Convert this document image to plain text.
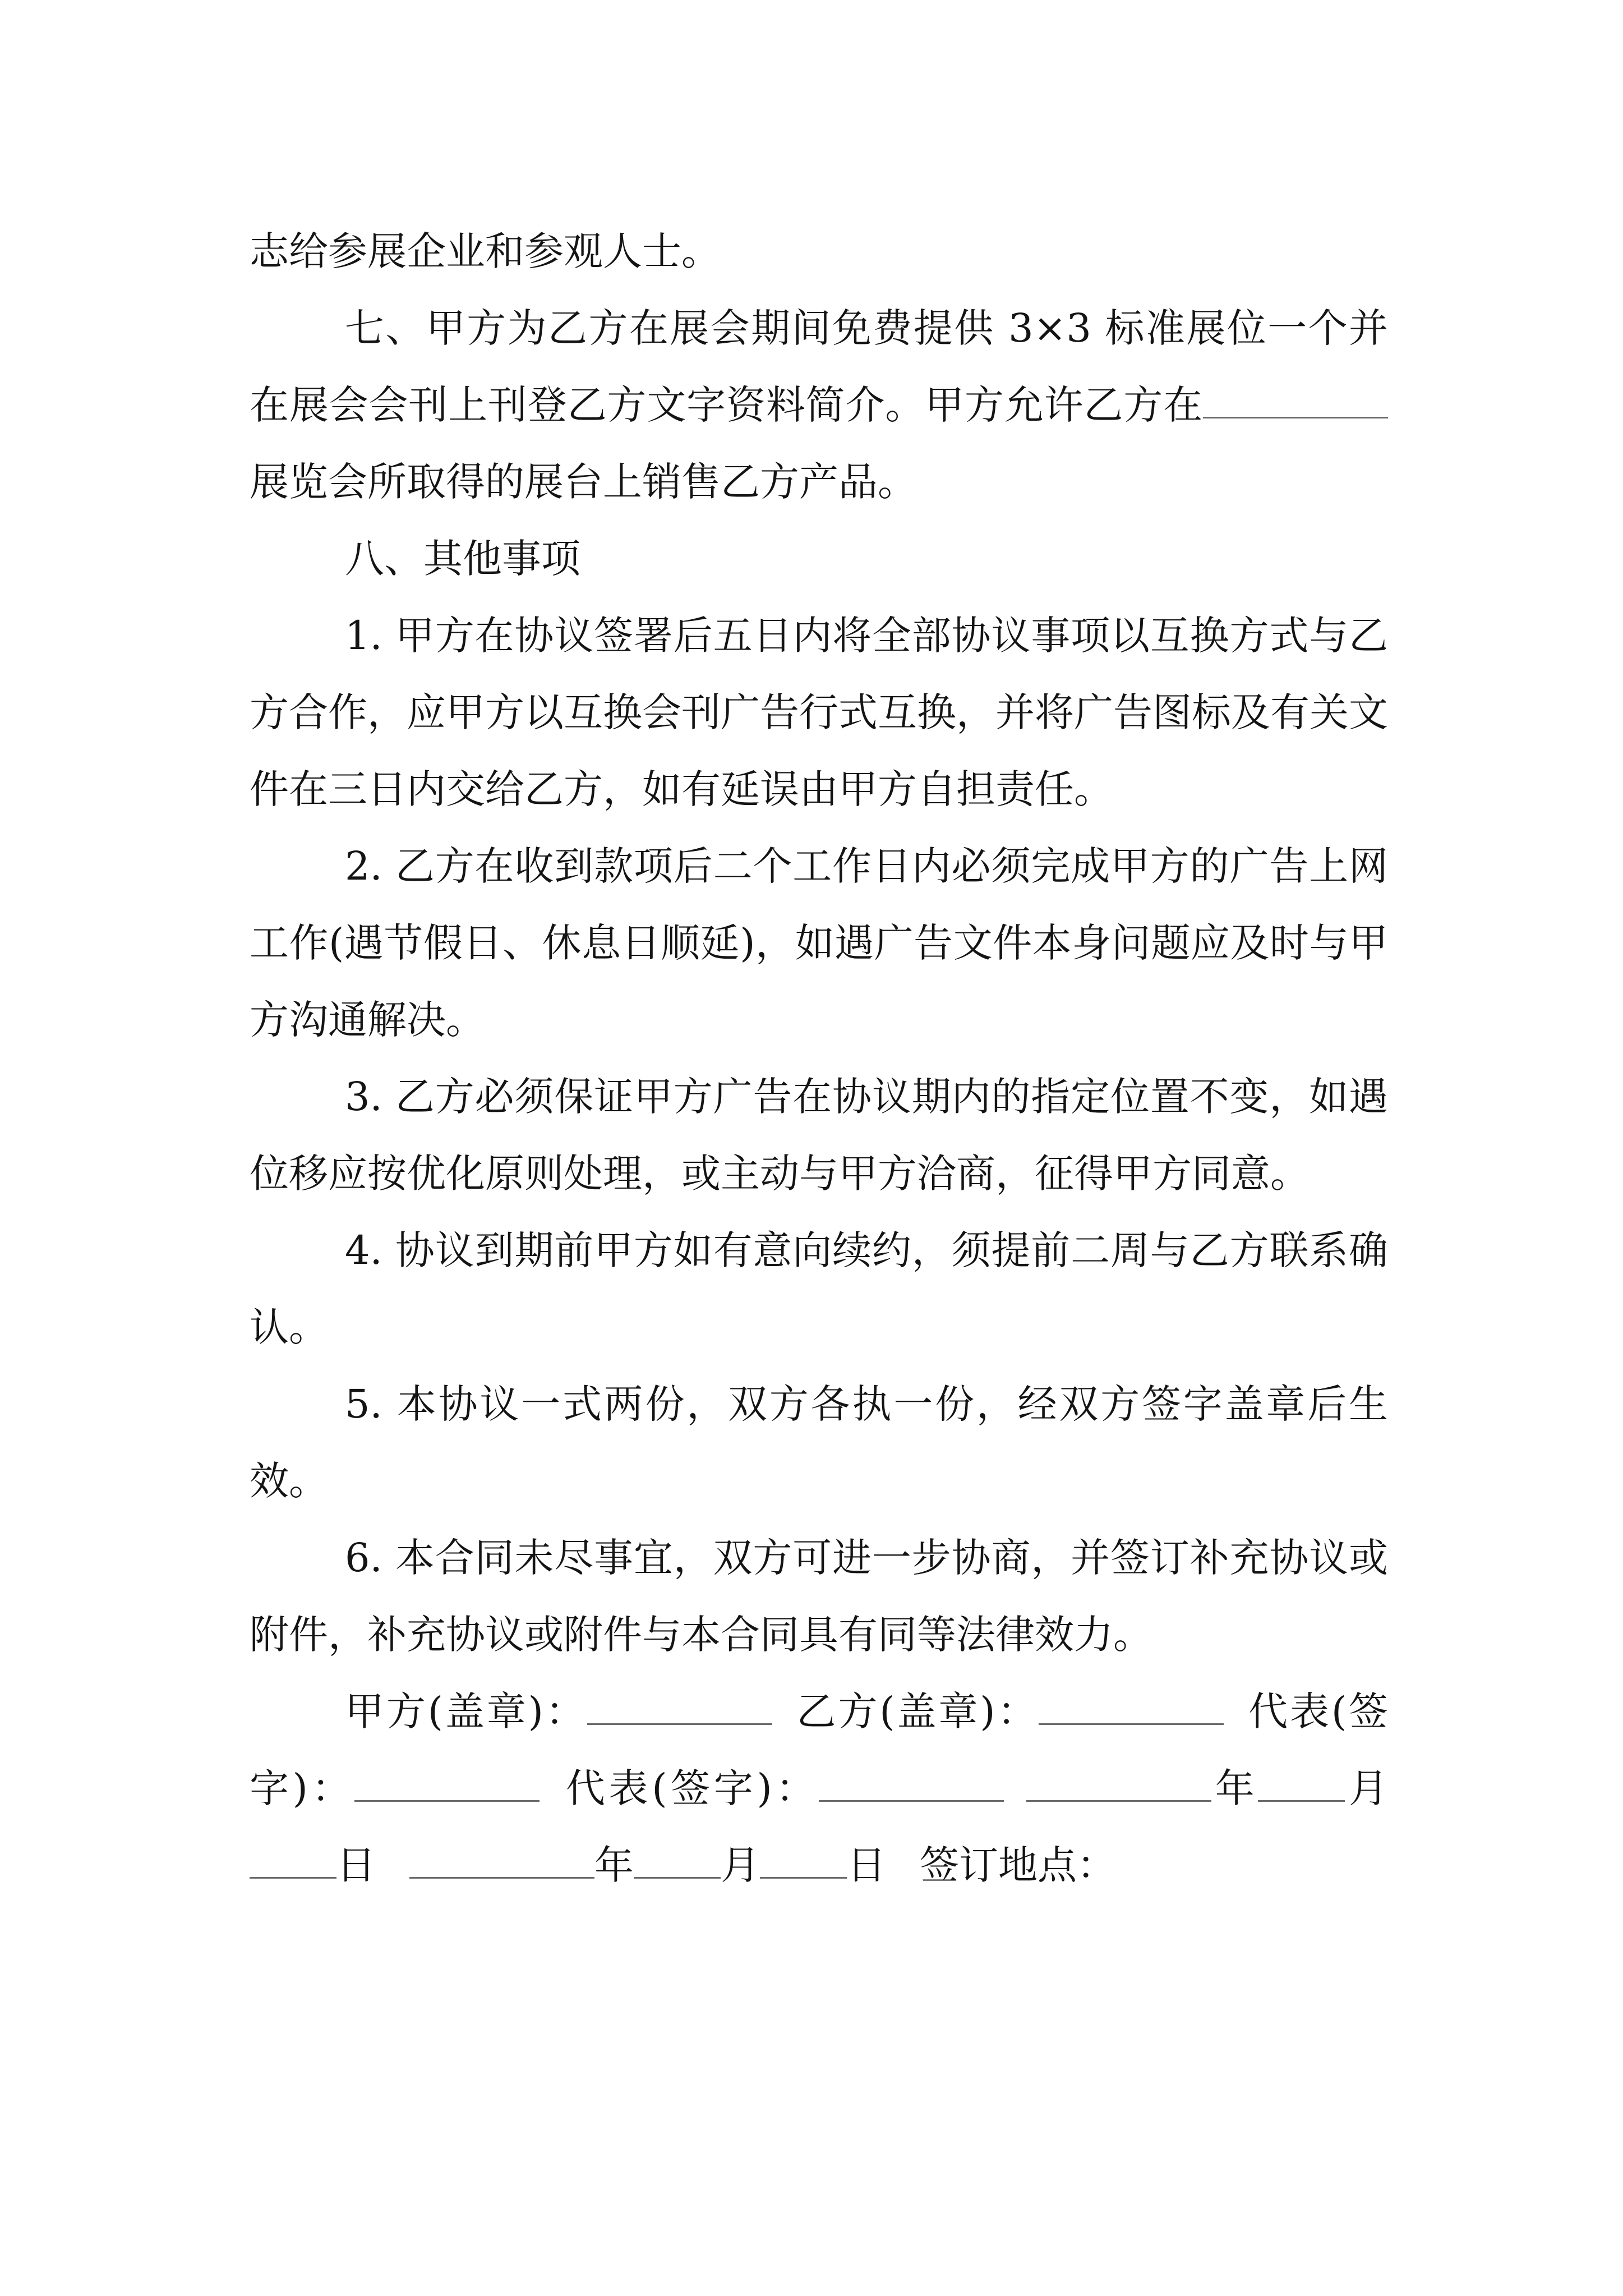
志给参展企业和参观人士。

七、甲方为乙方在展会期间免费提供 3×3 标准展位一个并在展会会刊上刊登乙方文字资料简介。甲方允许乙方在展览会所取得的展台上销售乙方产品。

八、其他事项

1. 甲方在协议签署后五日内将全部协议事项以互换方式与乙方合作，应甲方以互换会刊广告行式互换，并将广告图标及有关文件在三日内交给乙方，如有延误由甲方自担责任。

2. 乙方在收到款项后二个工作日内必须完成甲方的广告上网工作(遇节假日、休息日顺延)，如遇广告文件本身问题应及时与甲方沟通解决。

3. 乙方必须保证甲方广告在协议期内的指定位置不变，如遇位移应按优化原则处理，或主动与甲方洽商，征得甲方同意。

4. 协议到期前甲方如有意向续约，须提前二周与乙方联系确认。

5. 本协议一式两份，双方各执一份，经双方签字盖章后生效。

6. 本合同未尽事宜，双方可进一步协商，并签订补充协议或附件，补充协议或附件与本合同具有同等法律效力。

甲方(盖章)：	乙方(盖章)：	代表(签字)：	代表(签字)：	年 月日	年 月 日 签订地点：
